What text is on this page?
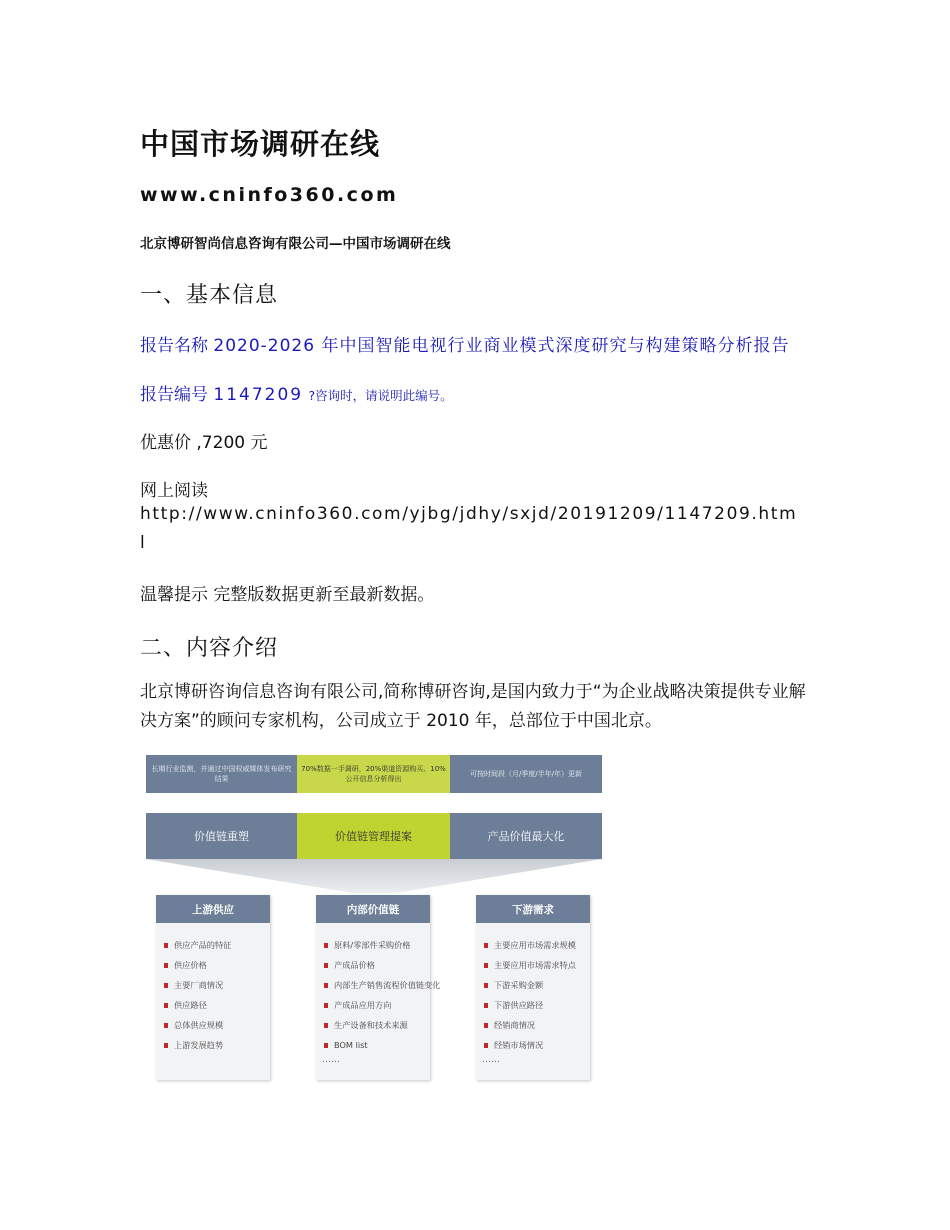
中国市场调研在线
www.cninfo360.com
北京博研智尚信息咨询有限公司—中国市场调研在线
一、基本信息
报告名称 2020-2026 年中国智能电视行业商业模式深度研究与构建策略分析报告
报告编号 1147209 ?咨询时，请说明此编号。
优惠价 ,7200 元
网上阅读
http://www.cninfo360.com/yjbg/jdhy/sxjd/20191209/1147209.html
温馨提示 完整版数据更新至最新数据。
二、内容介绍
北京博研咨询信息咨询有限公司,简称博研咨询,是国内致力于“为企业战略决策提供专业解决方案”的顾问专家机构，公司成立于 2010 年，总部位于中国北京。
长期行业监测，并通过中国权威媒体发布研究结果
70%数据一手调研，20%渠道资源购买、10%公开信息分析得出
可按时间段（月/季度/半年/年）更新
价值链重塑	价值链管理提案	产品价值最大化
上游供应
供应产品的特征
供应价格
主要厂商情况
供应路径
总体供应规模
上游发展趋势
内部价值链
原料/零部件采购价格
产成品价格
内部生产销售流程价值链变化
产成品应用方向
生产设备和技术来源
BOM list
……
下游需求
主要应用市场需求规模
主要应用市场需求特点
下游采购金额
下游供应路径
经销商情况
经销市场情况
……
